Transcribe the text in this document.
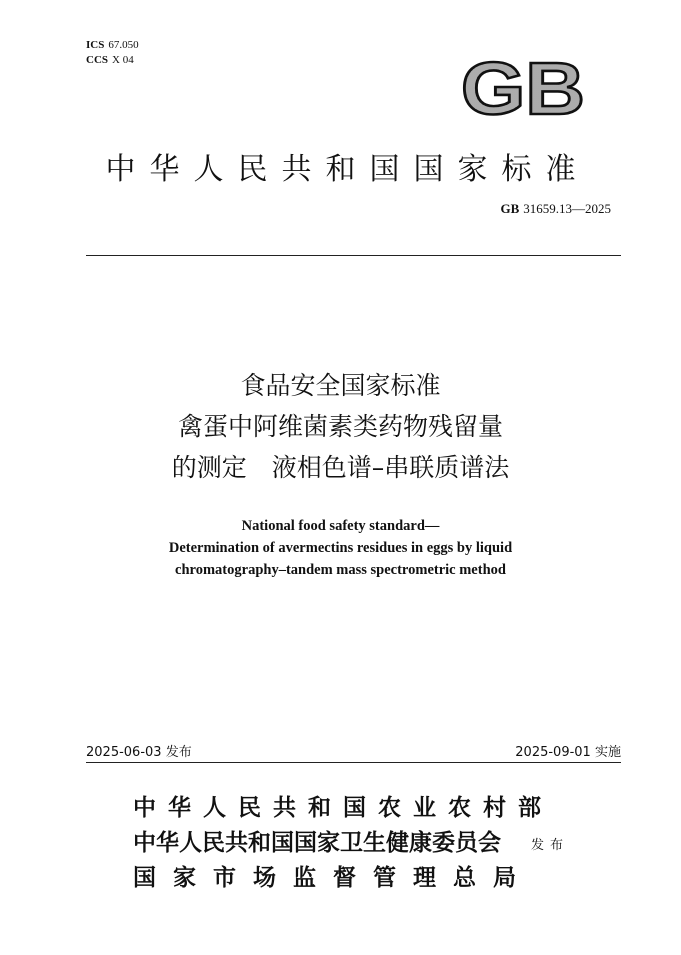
ICS 67.050
CCS X 04	GB
中华人民共和国国家标准
GB 31659.13—2025
食品安全国家标准
禽蛋中阿维菌素类药物残留量
的测定　液相色谱–串联质谱法
National food safety standard—
Determination of avermectins residues in eggs by liquid
chromatography–tandem mass spectrometric method
2025-06-03 发布	2025-09-01 实施
中华人民共和国农业农村部
中华人民共和国国家卫生健康委员会
国家市场监督管理总局
发布
